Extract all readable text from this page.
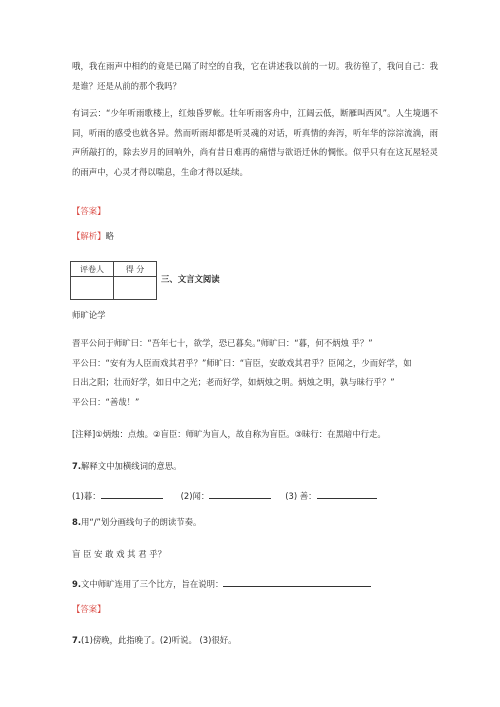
哦，我在雨声中相约的竟是已隔了时空的自我，它在讲述我以前的一切。我彷徨了，我问自己：我是谁？还是从前的那个我吗？
有词云：“少年听雨歌楼上，红烛昏罗帐。壮年听雨客舟中，江阔云低，断雁叫西风”。人生境遇不同，听雨的感受也就各异。然而听雨却都是听灵魂的对话，听真情的奔泻，听年华的淙淙流淌，雨声所敲打的，除去岁月的回响外，尚有昔日难再的痛惜与欲语迁休的惆怅。似乎只有在这瓦屋轻灵的雨声中，心灵才得以喘息，生命才得以延续。
【答案】
【解析】略
评卷人	得 分

三、文言文阅读
师旷论学
晋平公问于师旷曰：“吾年七十，欲学，恐已暮矣。”师旷曰：“暮，何不炳烛 乎？”
平公曰：“安有为人臣而戏其君乎？”师旷曰：“盲臣，安敢戏其君乎？臣闻之，少而好学，如
日出之阳；壮而好学，如日中之光；老而好学，如炳烛之明。炳烛之明，孰与昧行乎？”
平公曰：“善哉！”
[注释]①炳烛：点烛。②盲臣：师旷为盲人，故自称为盲臣。③昧行：在黑暗中行走。
7.解释文中加横线词的意思。
(1)暮：	(2)闻：	(3) 善：
8.用“/”划分画线句子的朗读节奏。
盲 臣 安 敢 戏 其 君 乎？
9.文中师旷连用了三个比方，旨在说明：
【答案】
7.(1)傍晚，此指晚了。(2)听说。 (3)很好。
